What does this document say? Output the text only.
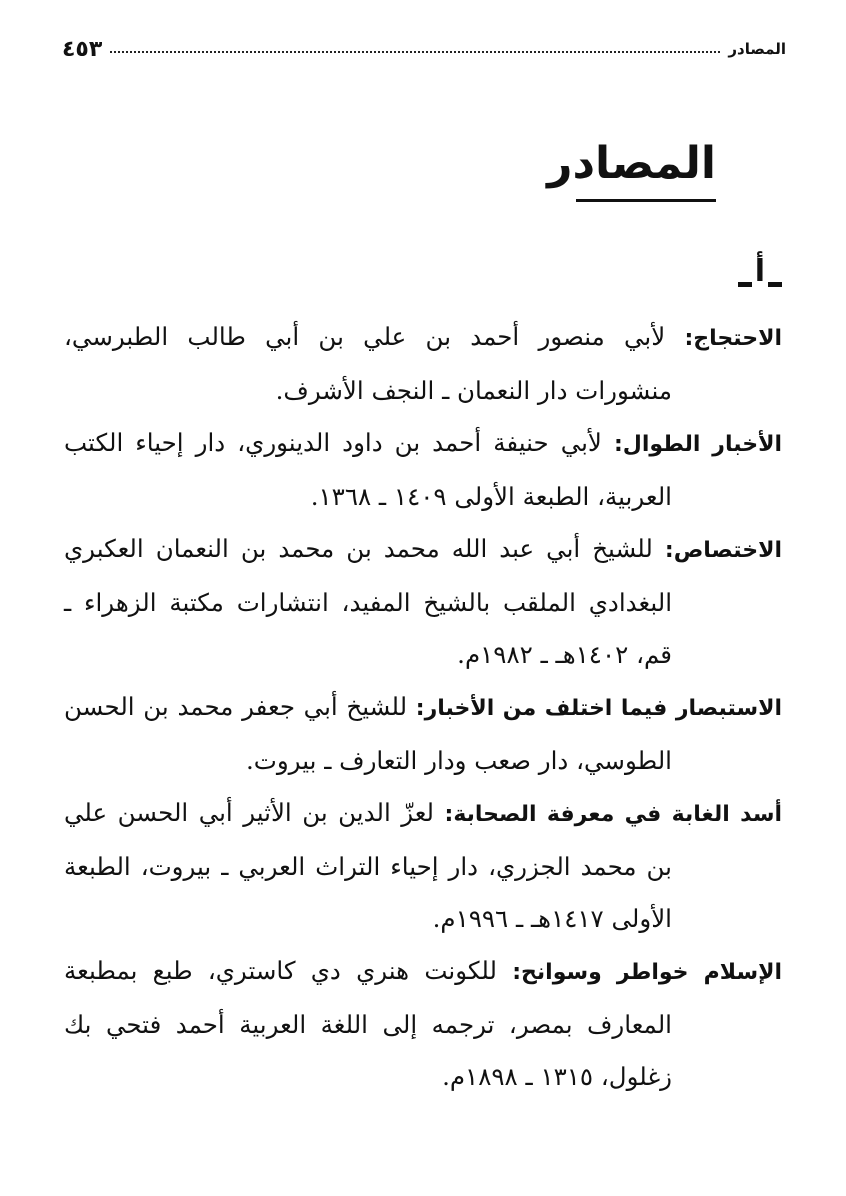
المصادر
٤٥٣
المصادر
أ

الاحتجاج: لأبي منصور أحمد بن علي بن أبي طالب الطبرسي، منشورات دار النعمان ـ النجف الأشرف.

الأخبار الطوال: لأبي حنيفة أحمد بن داود الدينوري، دار إحياء الكتب العربية، الطبعة الأولى ١٤٠٩ ـ ١٣٦٨.

الاختصاص: للشيخ أبي عبد الله محمد بن محمد بن النعمان العكبري البغدادي الملقب بالشيخ المفيد، انتشارات مكتبة الزهراء ـ قم، ١٤٠٢هـ ـ ١٩٨٢م.

الاستبصار فيما اختلف من الأخبار: للشيخ أبي جعفر محمد بن الحسن الطوسي، دار صعب ودار التعارف ـ بيروت.

أسد الغابة في معرفة الصحابة: لعزّ الدين بن الأثير أبي الحسن علي بن محمد الجزري، دار إحياء التراث العربي ـ بيروت، الطبعة الأولى ١٤١٧هـ ـ ١٩٩٦م.

الإسلام خواطر وسوانح: للكونت هنري دي كاستري، طبع بمطبعة المعارف بمصر، ترجمه إلى اللغة العربية أحمد فتحي بك زغلول، ١٣١٥ ـ ١٨٩٨م.
